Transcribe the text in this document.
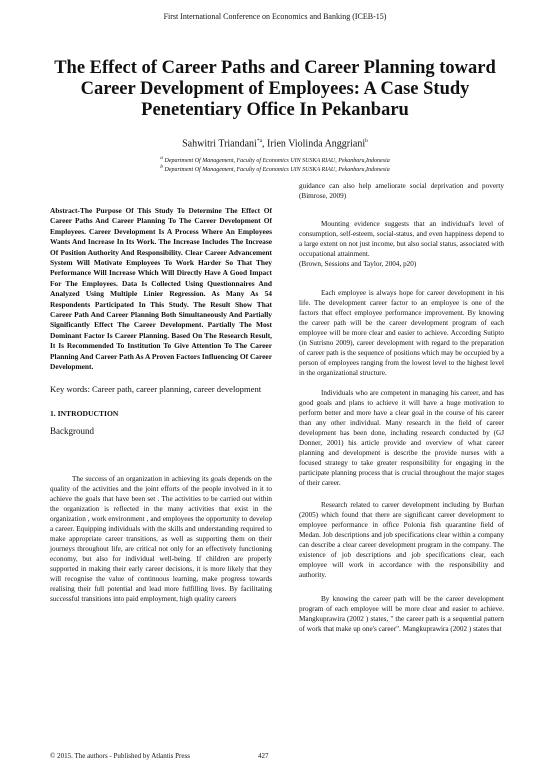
First International Conference on Economics and Banking (ICEB-15)
The Effect of Career Paths and Career Planning toward Career Development of Employees: A Case Study Penetentiary Office In Pekanbaru
Sahwitri Triandani$^{*a}$, Irien Violinda Anggriani$^b$
$^a$ Department Of Management, Faculty of Economics UIN SUSKA RIAU, Pekanbaru,Indonesia
$^b$ Department Of Management, Faculty of Economics UIN SUSKA RIAU, Pekanbaru,Indonesia

Abstract-The Purpose Of This Study To Determine The Effect Of Career Paths And Career Planning To The Career Development Of Employees. Career Development Is A Process Where An Employees Wants And Increase In Its Work. The Increase Includes The Increase Of Position Authority And Responsibility. Clear Career Advancement System Will Motivate Employees To Work Harder So That They Performance Will Increase Which Will Directly Have A Good Impact For The Employees. Data Is Collected Using Questionnaires And Analyzed Using Multiple Linier Regression. As Many As 54 Respondents Participated In This Study. The Result Show That Career Path And Career Planning Both Simultaneously And Partially Significantly Effect The Career Development. Partially The Most Dominant Factor Is Career Planning. Based On The Research Result, It Is Recommended To Institution To Give Attention To The Career Planning And Career Path As A Proven Factors Influencing Of Career Development.

Key words: Career path, career planning, career development

1. INTRODUCTION

Background

The success of an organization in achieving its goals depends on the quality of the activities and the joint efforts of the people involved in it to achieve the goals that have been set . The activities to be carried out within the organization is reflected in the many activities that exist in the organization , work environment , and employees the opportunity to develop a career. Equipping individuals with the skills and understanding required to make appropriate career transitions, as well as supporting them on their journeys throughout life, are critical not only for an effectively functioning economy, but also for individual well-being. If children are properly supported in making their early career decisions, it is more likely that they will recognise the value of continuous learning, make progress towards realising their full potential and lead more fulfilling lives. By facilitating successful transitions into paid employment, high quality careers

guidance can also help ameliorate social deprivation and poverty (Bimrose, 2009)

Mounting evidence suggests that an individual's level of consumption, self-esteem, social-status, and even happiness depend to a large extent on not just income, but also social status, associated with occupational attainment.

(Brown, Sessions and Taylor, 2004, p20)

Each employee is always hope for career development in his life. The development career factor to an employee is one of the factors that effect employee performance improvement. By knowing the career path will be the career development program of each employee will be more clear and easier to achieve. According Sutipto (in Sutrisno 2009), career development with regard to the preparation of career path is the sequence of positions which may be occupied by a person of employees ranging from the lowest level to the highest level in the organizational structure.

Individuals who are competent in managing his career, and has good goals and plans to achieve it will have a huge motivation to perform better and more have a clear goal in the course of his career than any other individual. Many research in the field of career development has been done, including research conducted by (GJ Donner, 2001) his article provide and overview of what career planning and development is describe the provide nurses with a focused strategy to take greater responsibility for engaging in the participate planning process that is crucial throughout the major stages of their career.

Research related to career development including by Burhan (2005) which found that there are significant career development to employee performance in office Polonia fish quarantine field of Medan. Job descriptions and job specifications clear within a company can describe a clear career development program in the company. The existence of job descriptions and job specifications clear, each employee will work in accordance with the responsibility and authority.

By knowing the career path will be the career development program of each employee will be more clear and easier to achieve. Mangkuprawira (2002 ) states, " the career path is a sequential pattern of work that make up one's career". Mangkuprawira (2002 ) states that

© 2015. The authors - Published by Atlantis Press	427
